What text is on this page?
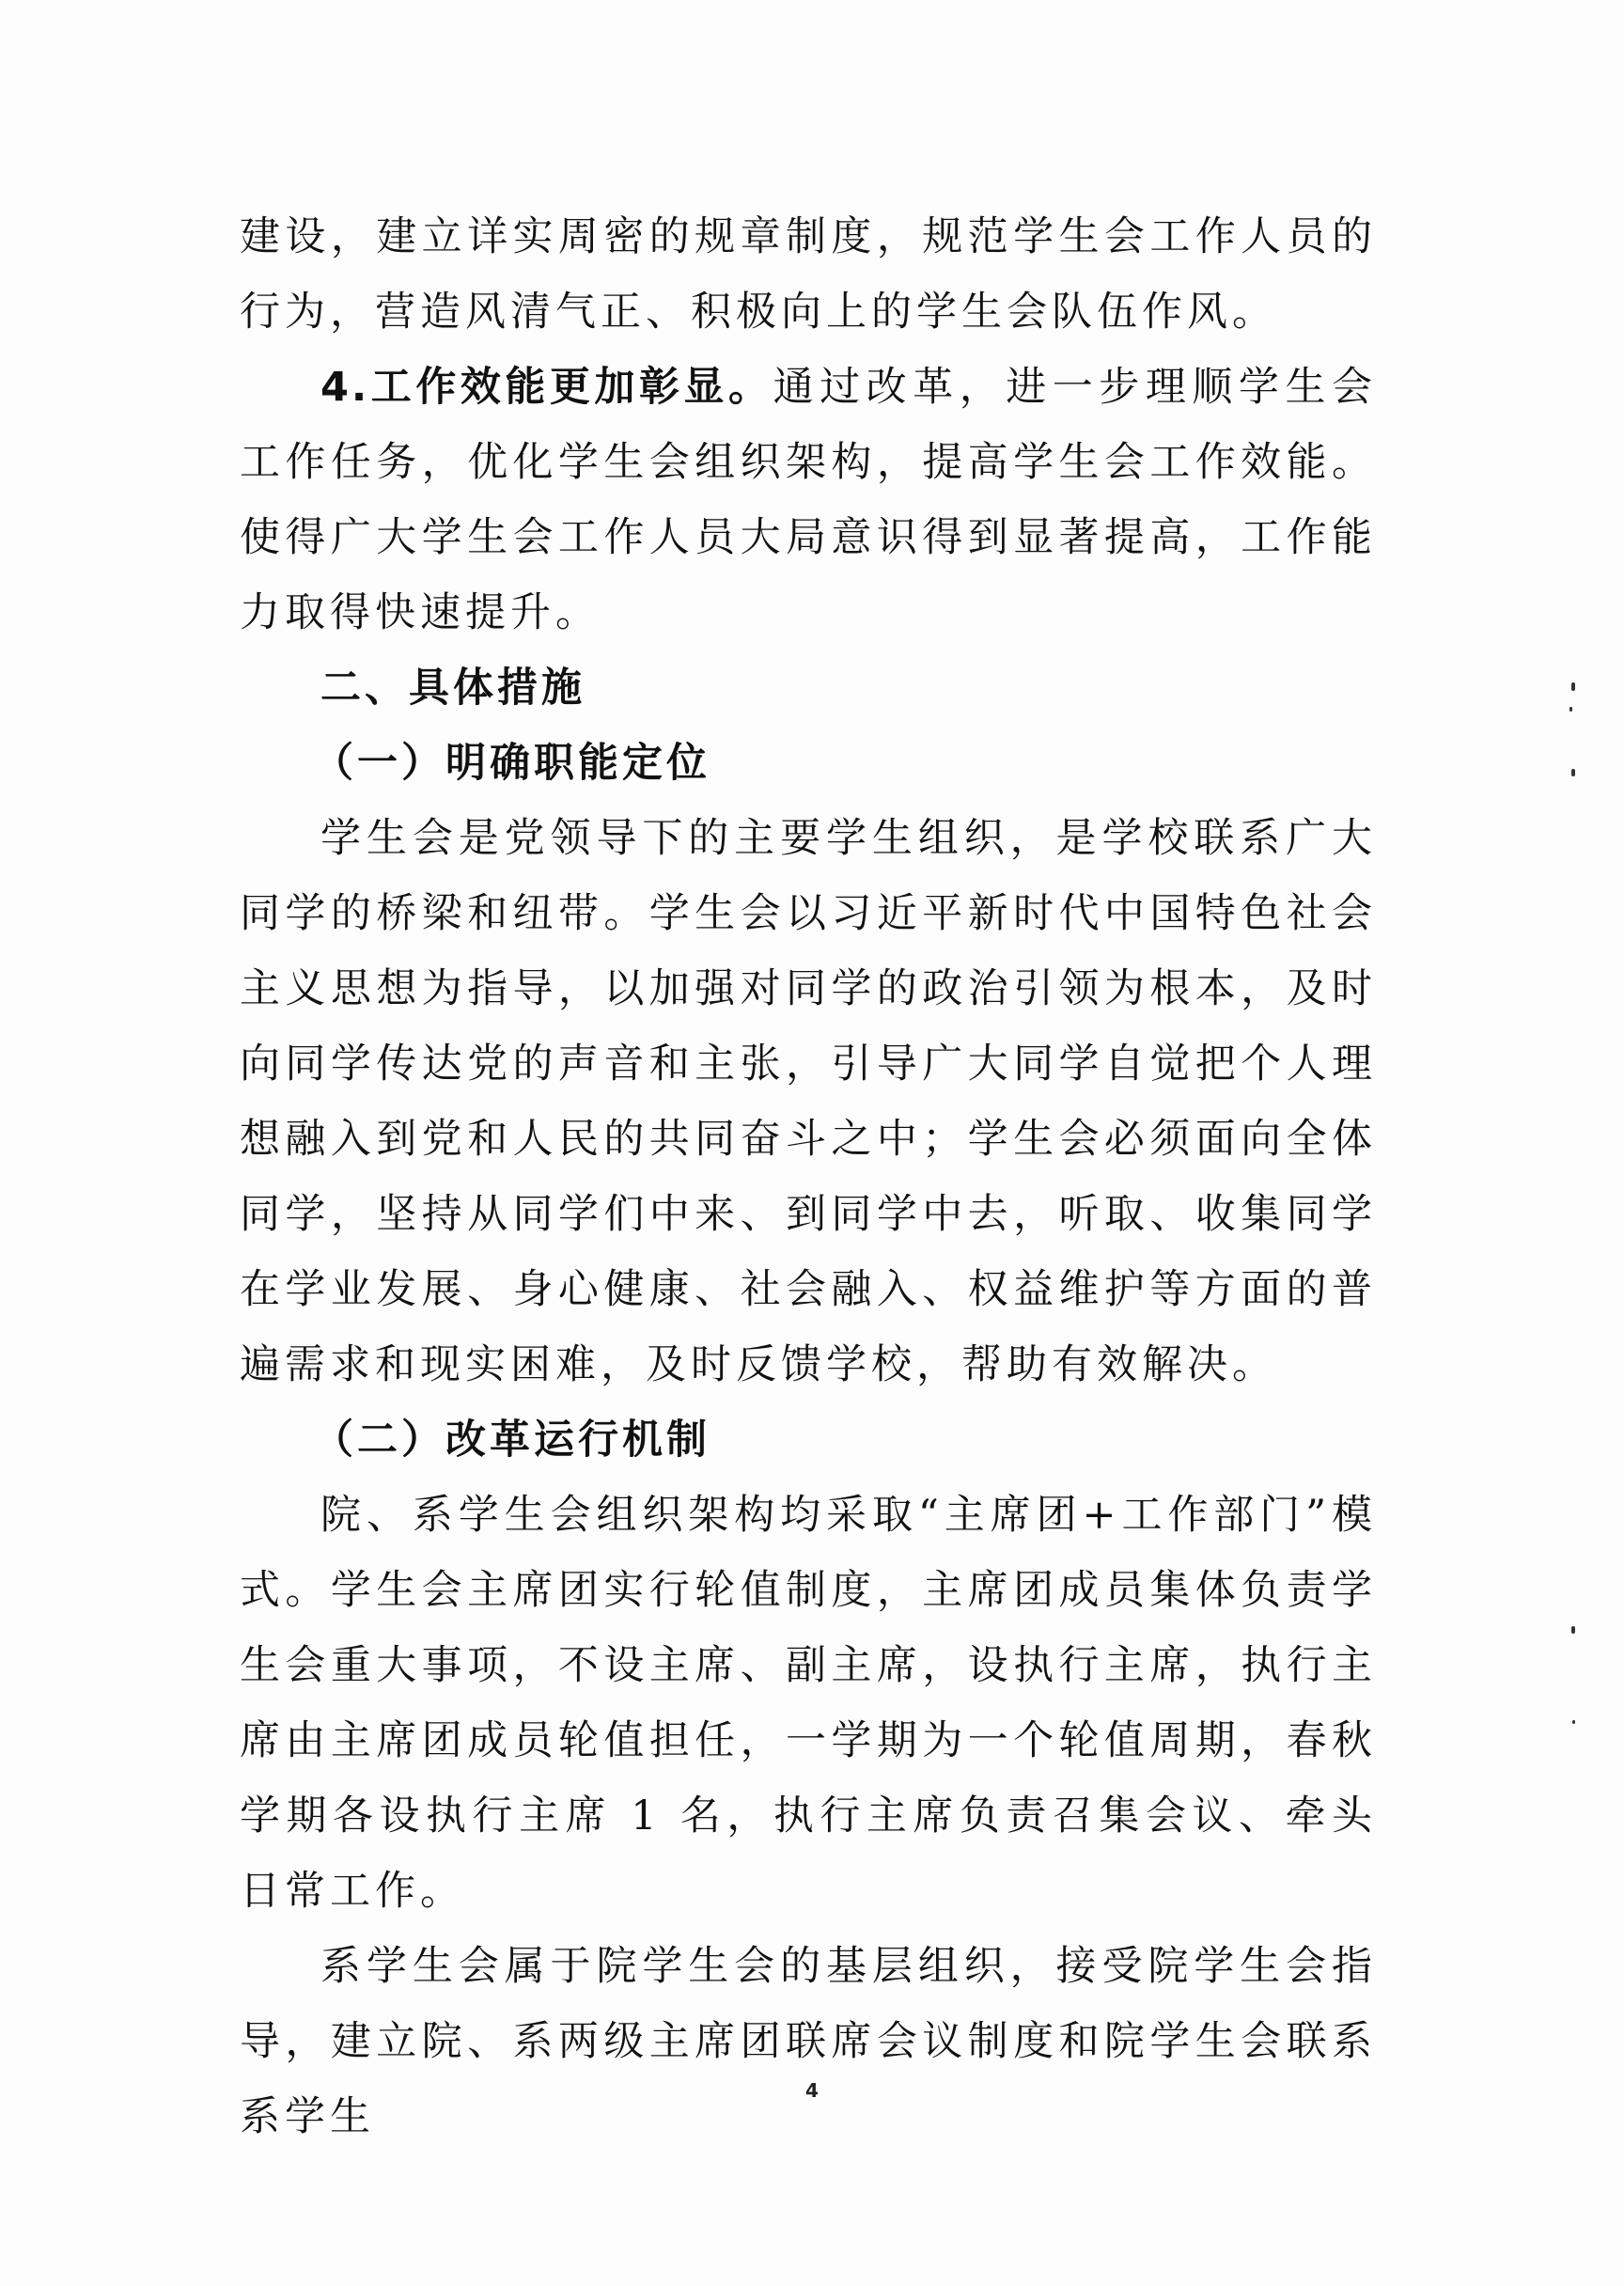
建设，建立详实周密的规章制度，规范学生会工作人员的行为，营造风清气正、积极向上的学生会队伍作风。

4.工作效能更加彰显。通过改革，进一步理顺学生会工作任务，优化学生会组织架构，提高学生会工作效能。使得广大学生会工作人员大局意识得到显著提高，工作能力取得快速提升。

二、具体措施

（一）明确职能定位

学生会是党领导下的主要学生组织，是学校联系广大同学的桥梁和纽带。学生会以习近平新时代中国特色社会主义思想为指导，以加强对同学的政治引领为根本，及时向同学传达党的声音和主张，引导广大同学自觉把个人理想融入到党和人民的共同奋斗之中；学生会必须面向全体同学，坚持从同学们中来、到同学中去，听取、收集同学在学业发展、身心健康、社会融入、权益维护等方面的普遍需求和现实困难，及时反馈学校，帮助有效解决。

（二）改革运行机制

院、系学生会组织架构均采取“主席团+工作部门”模式。学生会主席团实行轮值制度，主席团成员集体负责学生会重大事项，不设主席、副主席，设执行主席，执行主席由主席团成员轮值担任，一学期为一个轮值周期，春秋学期各设执行主席 1 名，执行主席负责召集会议、牵头日常工作。

系学生会属于院学生会的基层组织，接受院学生会指导，建立院、系两级主席团联席会议制度和院学生会联系系学生

4
